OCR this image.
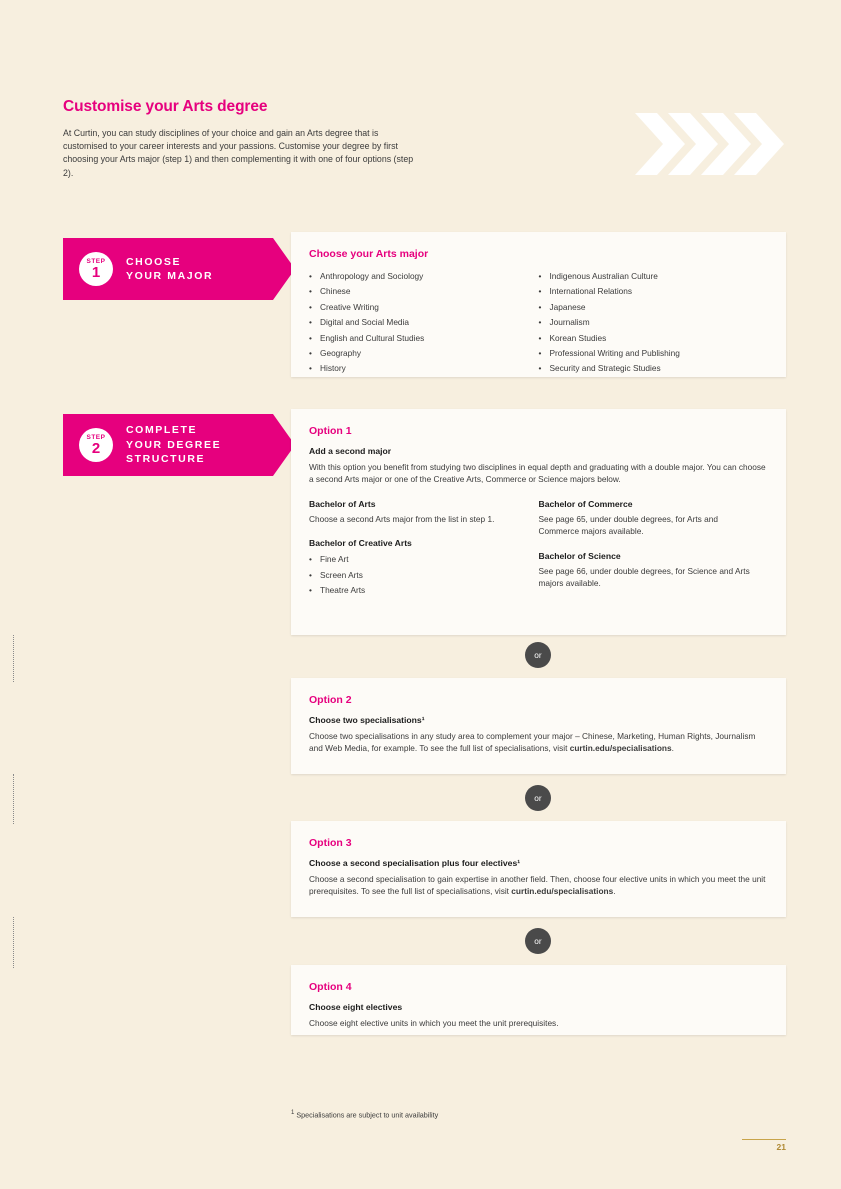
Customise your Arts degree
At Curtin, you can study disciplines of your choice and gain an Arts degree that is customised to your career interests and your passions. Customise your degree by first choosing your Arts major (step 1) and then complementing it with one of four options (step 2).
STEP
1
CHOOSE
YOUR MAJOR
STEP
2
COMPLETE
YOUR DEGREE
STRUCTURE
Choose your Arts major
• Anthropology and Sociology
• Chinese
• Creative Writing
• Digital and Social Media
• English and Cultural Studies
• Geography
• History
• Indigenous Australian Culture
• International Relations
• Japanese
• Journalism
• Korean Studies
• Professional Writing and Publishing
• Security and Strategic Studies
Option 1
Add a second major
With this option you benefit from studying two disciplines in equal depth and graduating with a double major. You can choose a second Arts major or one of the Creative Arts, Commerce or Science majors below.
Bachelor of Arts
Choose a second Arts major from the list in step 1.
Bachelor of Creative Arts
• Fine Art
• Screen Arts
• Theatre Arts
Bachelor of Commerce
See page 65, under double degrees, for Arts and Commerce majors available.
Bachelor of Science
See page 66, under double degrees, for Science and Arts majors available.
or
or
or
Option 2
Choose two specialisations¹
Choose two specialisations in any study area to complement your major – Chinese, Marketing, Human Rights, Journalism and Web Media, for example. To see the full list of specialisations, visit curtin.edu/specialisations.
Option 3
Choose a second specialisation plus four electives¹
Choose a second specialisation to gain expertise in another field. Then, choose four elective units in which you meet the unit prerequisites. To see the full list of specialisations, visit curtin.edu/specialisations.
Option 4
Choose eight electives
Choose eight elective units in which you meet the unit prerequisites.
$^1$ Specialisations are subject to unit availability
21
